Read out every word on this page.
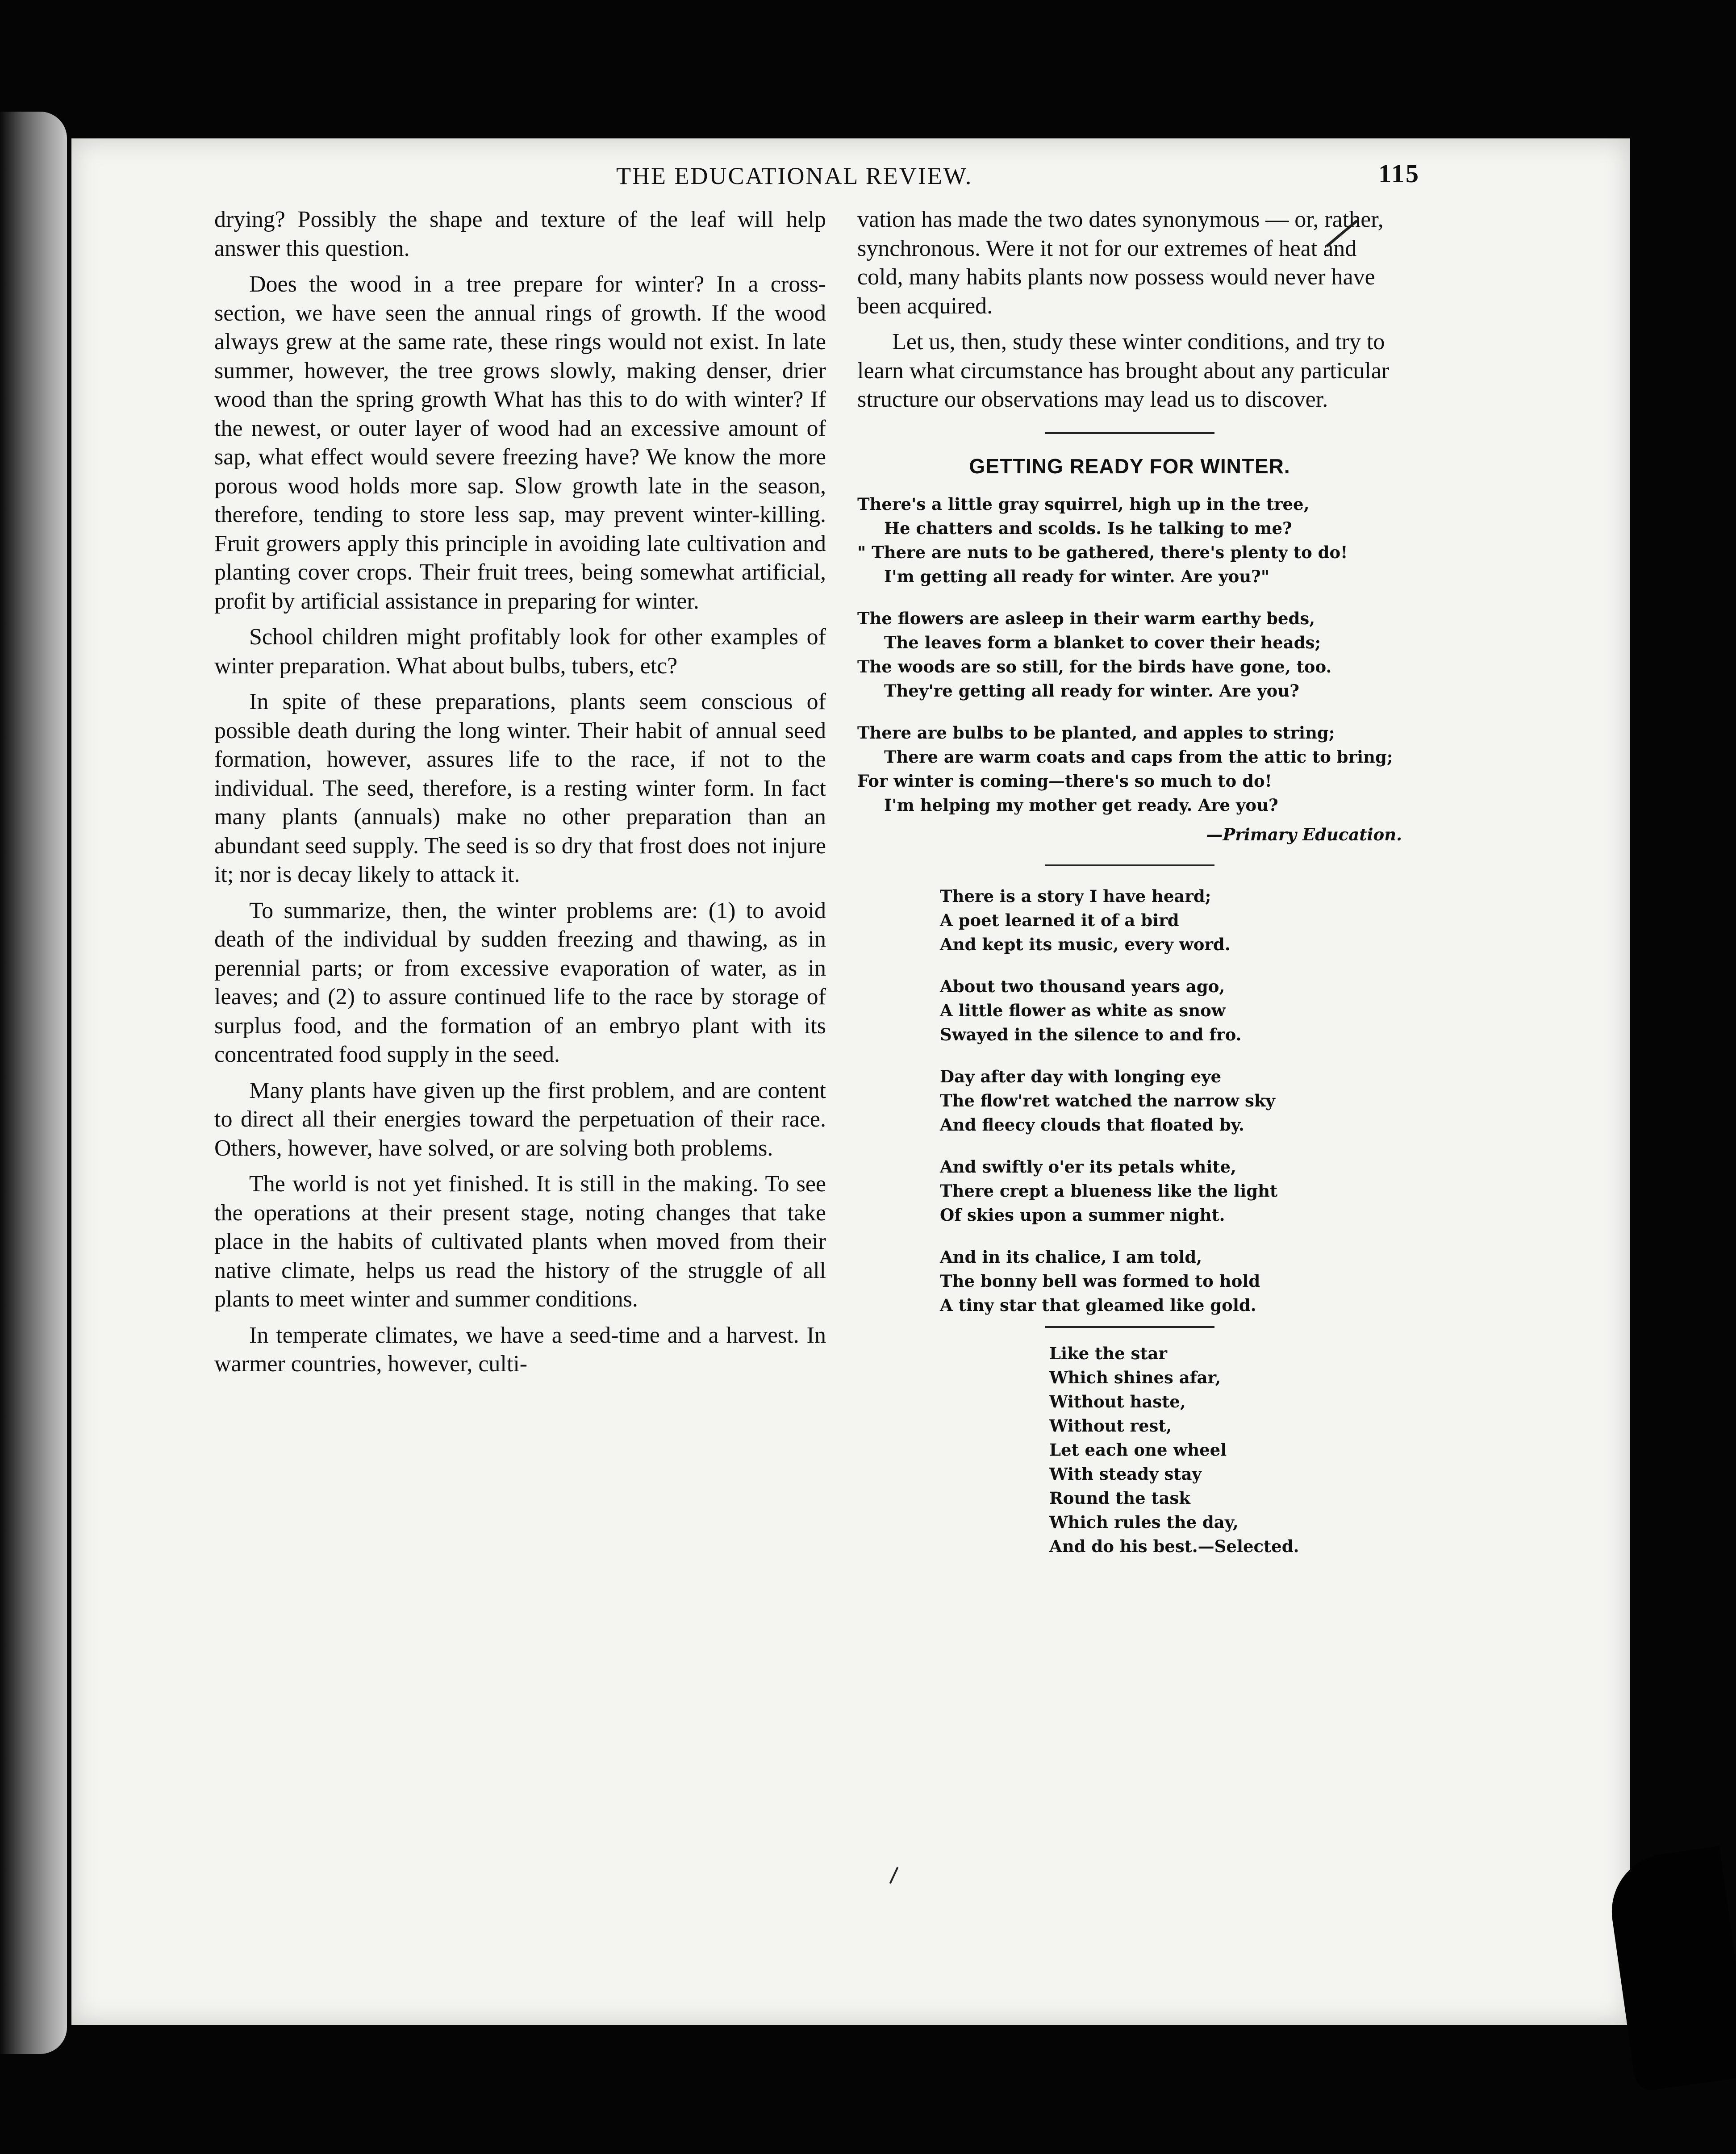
THE EDUCATIONAL REVIEW.	115

drying? Possibly the shape and texture of the leaf will help answer this question.

Does the wood in a tree prepare for winter? In a cross-section, we have seen the annual rings of growth. If the wood always grew at the same rate, these rings would not exist. In late summer, however, the tree grows slowly, making denser, drier wood than the spring growth What has this to do with winter? If the newest, or outer layer of wood had an excessive amount of sap, what effect would severe freezing have? We know the more porous wood holds more sap. Slow growth late in the season, therefore, tending to store less sap, may prevent winter-killing. Fruit growers apply this principle in avoiding late cultivation and planting cover crops. Their fruit trees, being somewhat artificial, profit by artificial assistance in preparing for winter.

School children might profitably look for other examples of winter preparation. What about bulbs, tubers, etc?

In spite of these preparations, plants seem conscious of possible death during the long winter. Their habit of annual seed formation, however, assures life to the race, if not to the individual. The seed, therefore, is a resting winter form. In fact many plants (annuals) make no other preparation than an abundant seed supply. The seed is so dry that frost does not injure it; nor is decay likely to attack it.

To summarize, then, the winter problems are: (1) to avoid death of the individual by sudden freezing and thawing, as in perennial parts; or from excessive evaporation of water, as in leaves; and (2) to assure continued life to the race by storage of surplus food, and the formation of an embryo plant with its concentrated food supply in the seed.

Many plants have given up the first problem, and are content to direct all their energies toward the perpetuation of their race. Others, however, have solved, or are solving both problems.

The world is not yet finished. It is still in the making. To see the operations at their present stage, noting changes that take place in the habits of cultivated plants when moved from their native climate, helps us read the history of the struggle of all plants to meet winter and summer conditions.

In temperate climates, we have a seed-time and a harvest. In warmer countries, however, culti-

vation has made the two dates synonymous — or, rather, synchronous. Were it not for our extremes of heat and cold, many habits plants now possess would never have been acquired.

Let us, then, study these winter conditions, and try to learn what circumstance has brought about any particular structure our observations may lead us to discover.

GETTING READY FOR WINTER.
There's a little gray squirrel, high up in the tree,
He chatters and scolds. Is he talking to me?
" There are nuts to be gathered, there's plenty to do!
I'm getting all ready for winter. Are you?"
The flowers are asleep in their warm earthy beds,
The leaves form a blanket to cover their heads;
The woods are so still, for the birds have gone, too.
They're getting all ready for winter. Are you?
There are bulbs to be planted, and apples to string;
There are warm coats and caps from the attic to bring;
For winter is coming—there's so much to do!
I'm helping my mother get ready. Are you?
—Primary Education.
There is a story I have heard;
A poet learned it of a bird
And kept its music, every word.
About two thousand years ago,
A little flower as white as snow
Swayed in the silence to and fro.
Day after day with longing eye
The flow'ret watched the narrow sky
And fleecy clouds that floated by.
And swiftly o'er its petals white,
There crept a blueness like the light
Of skies upon a summer night.
And in its chalice, I am told,
The bonny bell was formed to hold
A tiny star that gleamed like gold.
Like the star
Which shines afar,
Without haste,
Without rest,
Let each one wheel
With steady stay
Round the task
Which rules the day,
And do his best.—Selected.
